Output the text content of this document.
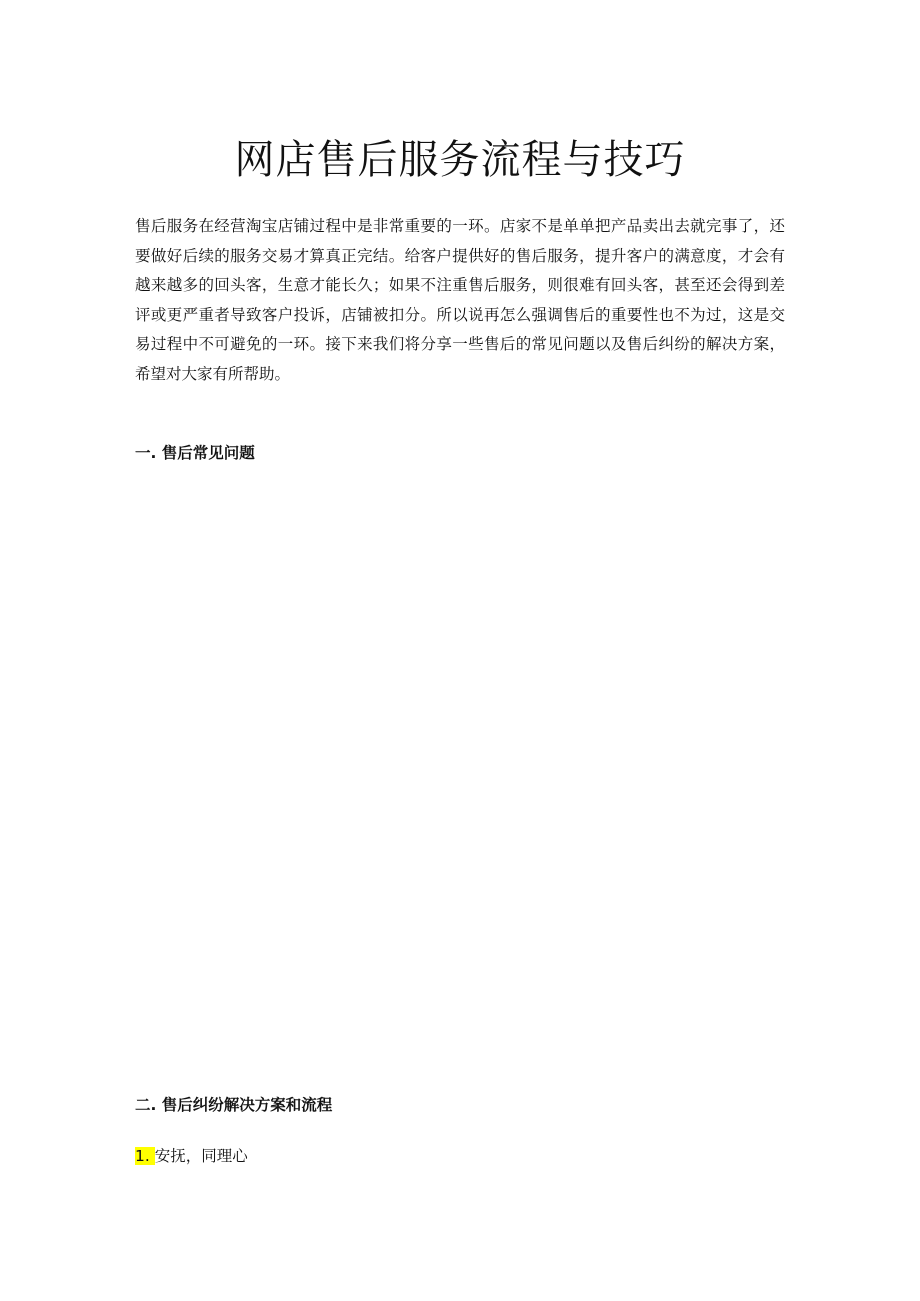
网店售后服务流程与技巧

售后服务在经营淘宝店铺过程中是非常重要的一环。店家不是单单把产品卖出去就完事了，还要做好后续的服务交易才算真正完结。给客户提供好的售后服务，提升客户的满意度，才会有越来越多的回头客，生意才能长久；如果不注重售后服务，则很难有回头客，甚至还会得到差评或更严重者导致客户投诉，店铺被扣分。所以说再怎么强调售后的重要性也不为过，这是交易过程中不可避免的一环。接下来我们将分享一些售后的常见问题以及售后纠纷的解决方案，希望对大家有所帮助。

一. 售后常见问题

二. 售后纠纷解决方案和流程

1. 安抚，同理心
